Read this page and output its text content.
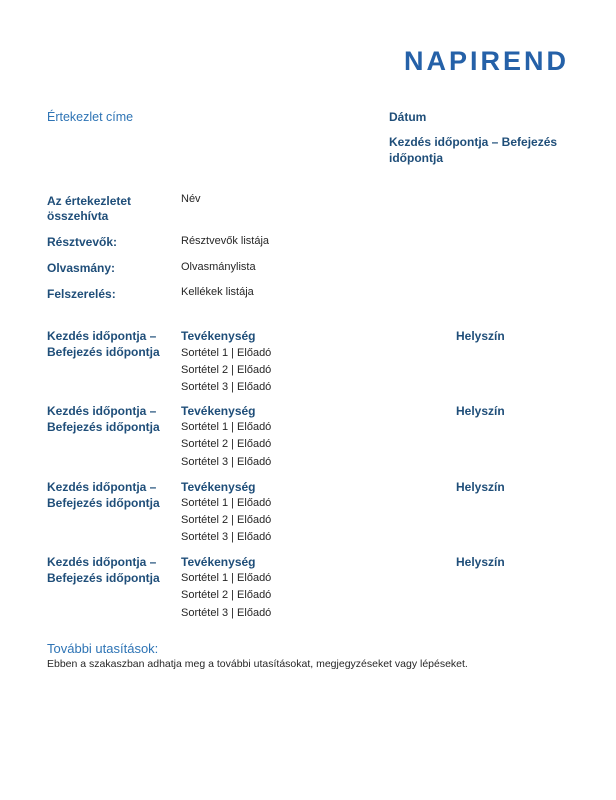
NAPIREND
Értekezlet címe	Dátum
Kezdés időpontja – Befejezés időpontja
Az értekezletet összehívta
Név
Résztvevők:	Résztvevők listája
Olvasmány:	Olvasmánylista
Felszerelés:	Kellékek listája
Kezdés időpontja – Befejezés időpontja
Tevékenység	Helyszín
Sortétel 1 | Előadó
Sortétel 2 | Előadó
Sortétel 3 | Előadó
Kezdés időpontja – Befejezés időpontja
Tevékenység	Helyszín
Sortétel 1 | Előadó
Sortétel 2 | Előadó
Sortétel 3 | Előadó
Kezdés időpontja – Befejezés időpontja
Tevékenység	Helyszín
Sortétel 1 | Előadó
Sortétel 2 | Előadó
Sortétel 3 | Előadó
Kezdés időpontja – Befejezés időpontja
Tevékenység	Helyszín
Sortétel 1 | Előadó
Sortétel 2 | Előadó
Sortétel 3 | Előadó
További utasítások:
Ebben a szakaszban adhatja meg a további utasításokat, megjegyzéseket vagy lépéseket.
